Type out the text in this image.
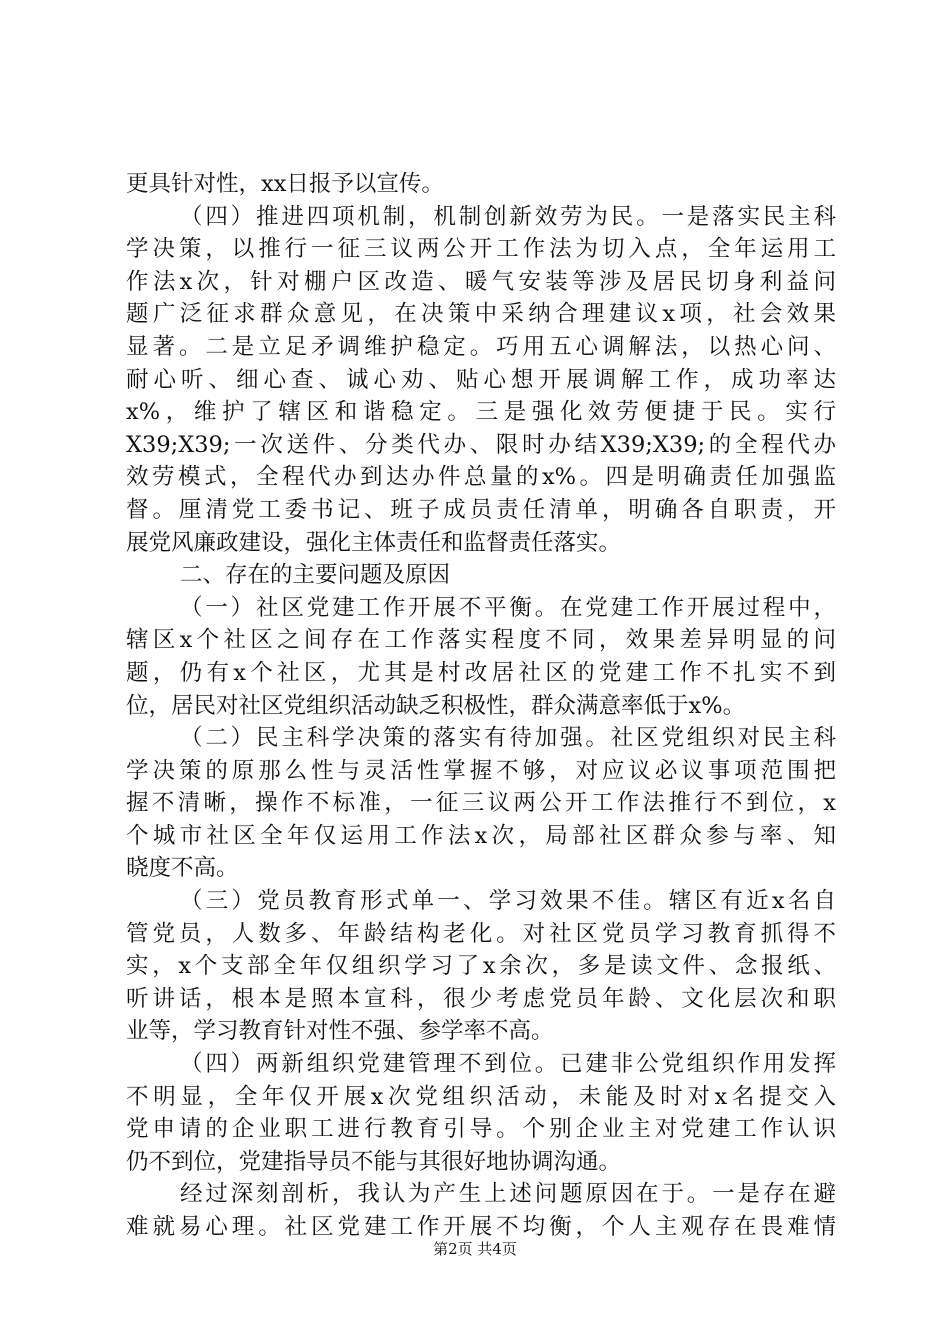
更具针对性，xx日报予以宣传。
（四）推进四项机制，机制创新效劳为民。一是落实民主科
学决策，以推行一征三议两公开工作法为切入点，全年运用工
作法x次，针对棚户区改造、暖气安装等涉及居民切身利益问
题广泛征求群众意见，在决策中采纳合理建议x项，社会效果
显著。二是立足矛调维护稳定。巧用五心调解法，以热心问、
耐心听、细心查、诚心劝、贴心想开展调解工作，成功率达
x%，维护了辖区和谐稳定。三是强化效劳便捷于民。实行
X39;X39;一次送件、分类代办、限时办结X39;X39;的全程代办
效劳模式，全程代办到达办件总量的x%。四是明确责任加强监
督。厘清党工委书记、班子成员责任清单，明确各自职责，开
展党风廉政建设，强化主体责任和监督责任落实。
二、存在的主要问题及原因
（一）社区党建工作开展不平衡。在党建工作开展过程中，
辖区x个社区之间存在工作落实程度不同，效果差异明显的问
题，仍有x个社区，尤其是村改居社区的党建工作不扎实不到
位，居民对社区党组织活动缺乏积极性，群众满意率低于x%。
（二）民主科学决策的落实有待加强。社区党组织对民主科
学决策的原那么性与灵活性掌握不够，对应议必议事项范围把
握不清晰，操作不标准，一征三议两公开工作法推行不到位，x
个城市社区全年仅运用工作法x次，局部社区群众参与率、知
晓度不高。
（三）党员教育形式单一、学习效果不佳。辖区有近x名自
管党员，人数多、年龄结构老化。对社区党员学习教育抓得不
实，x个支部全年仅组织学习了x余次，多是读文件、念报纸、
听讲话，根本是照本宣科，很少考虑党员年龄、文化层次和职
业等，学习教育针对性不强、参学率不高。
（四）两新组织党建管理不到位。已建非公党组织作用发挥
不明显，全年仅开展x次党组织活动，未能及时对x名提交入
党申请的企业职工进行教育引导。个别企业主对党建工作认识
仍不到位，党建指导员不能与其很好地协调沟通。
经过深刻剖析，我认为产生上述问题原因在于。一是存在避
难就易心理。社区党建工作开展不均衡，个人主观存在畏难情
第2页 共4页
